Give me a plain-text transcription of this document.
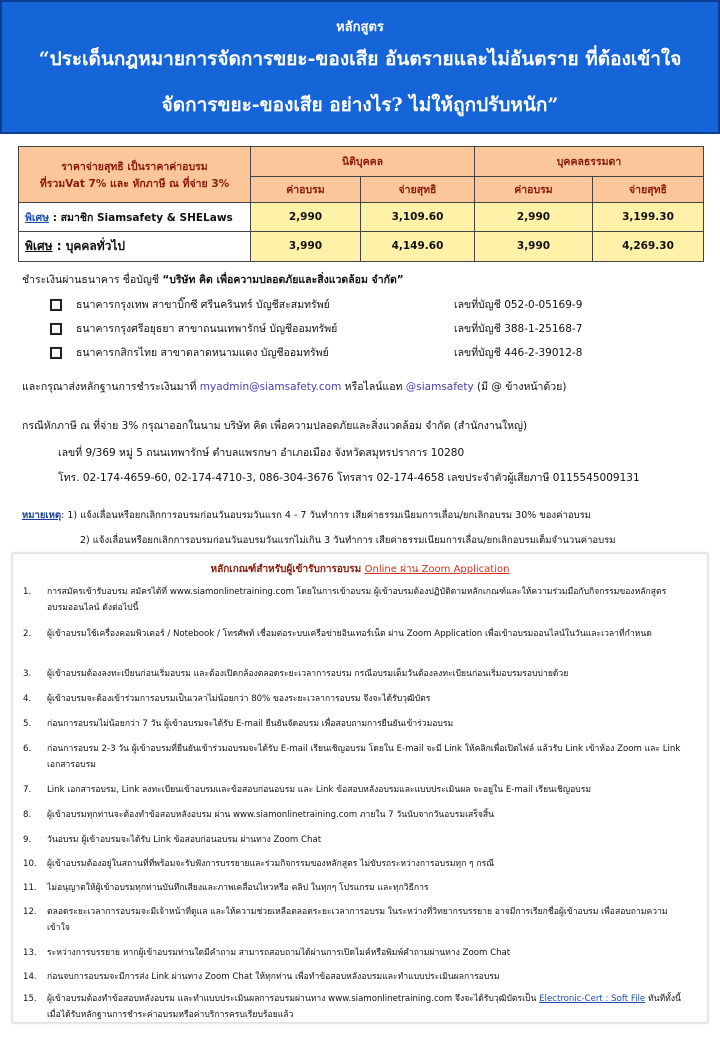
หลักสูตร
“ประเด็นกฎหมายการจัดการขยะ-ของเสีย อันตรายและไม่อันตราย ที่ต้องเข้าใจ
จัดการขยะ-ของเสีย อย่างไร? ไม่ให้ถูกปรับหนัก”
ราคาจ่ายสุทธิ เป็นราคาค่าอบรม
ที่รวมVat 7% และ หักภาษี ณ ที่จ่าย 3%	นิติบุคคล		บุคคลธรรมดา	
	ค่าอบรม	จ่ายสุทธิ	ค่าอบรม	จ่ายสุทธิ
พิเศษ : สมาชิก Siamsafety & SHELaws	2,990	3,109.60	2,990	3,199.30
พิเศษ : บุคคลทั่วไป	3,990	4,149.60	3,990	4,269.30
ชำระเงินผ่านธนาคาร ชื่อบัญชี “บริษัท คิด เพื่อความปลอดภัยและสิ่งแวดล้อม จำกัด”
ธนาคารกรุงเทพ สาขาบิ๊กซี ศรีนครินทร์ บัญชีสะสมทรัพย์	เลขที่บัญชี 052-0-05169-9
ธนาคารกรุงศรีอยุธยา สาขาถนนเทพารักษ์ บัญชีออมทรัพย์	เลขที่บัญชี 388-1-25168-7
ธนาคารกสิกรไทย สาขาตลาดหนามแดง บัญชีออมทรัพย์	เลขที่บัญชี 446-2-39012-8
และกรุณาส่งหลักฐานการชำระเงินมาที่ myadmin@siamsafety.com หรือไลน์แอท @siamsafety (มี @ ข้างหน้าด้วย)
กรณีหักภาษี ณ ที่จ่าย 3% กรุณาออกในนาม บริษัท คิด เพื่อความปลอดภัยและสิ่งแวดล้อม จำกัด (สำนักงานใหญ่)
เลขที่ 9/369 หมู่ 5 ถนนเทพารักษ์ ตำบลแพรกษา อำเภอเมือง จังหวัดสมุทรปราการ 10280
โทร. 02-174-4659-60, 02-174-4710-3, 086-304-3676 โทรสาร 02-174-4658 เลขประจำตัวผู้เสียภาษี 0115545009131
หมายเหตุ: 1) แจ้งเลื่อนหรือยกเลิกการอบรมก่อนวันอบรมวันแรก 4 - 7 วันทำการ เสียค่าธรรมเนียมการเลื่อน/ยกเลิกอบรม 30% ของค่าอบรม
2) แจ้งเลื่อนหรือยกเลิกการอบรมก่อนวันอบรมวันแรกไม่เกิน 3 วันทำการ เสียค่าธรรมเนียมการเลื่อน/ยกเลิกอบรมเต็มจำนวนค่าอบรม
หลักเกณฑ์สำหรับผู้เข้ารับการอบรม Online ผ่าน Zoom Application
1.	การสมัครเข้ารับอบรม สมัครได้ที่ www.siamonlinetraining.com โดยในการเข้าอบรม ผู้เข้าอบรมต้องปฏิบัติตามหลักเกณฑ์และให้ความร่วมมือกับกิจกรรมของหลักสูตรอบรมออนไลน์ ดังต่อไปนี้
2.	ผู้เข้าอบรมใช้เครื่องคอมพิวเตอร์ / Notebook / โทรศัพท์ เชื่อมต่อระบบเครือข่ายอินเทอร์เน็ต ผ่าน Zoom Application เพื่อเข้าอบรมออนไลน์ในวันและเวลาที่กำหนด
3.	ผู้เข้าอบรมต้องลงทะเบียนก่อนเริ่มอบรม และต้องเปิดกล้องตลอดระยะเวลาการอบรม กรณีอบรมเต็มวันต้องลงทะเบียนก่อนเริ่มอบรมรอบบ่ายด้วย
4.	ผู้เข้าอบรมจะต้องเข้าร่วมการอบรมเป็นเวลาไม่น้อยกว่า 80% ของระยะเวลาการอบรม จึงจะได้รับวุฒิบัตร
5.	ก่อนการอบรมไม่น้อยกว่า 7 วัน ผู้เข้าอบรมจะได้รับ E-mail ยืนยันจัดอบรม เพื่อสอบถามการยืนยันเข้าร่วมอบรม
6.	ก่อนการอบรม 2-3 วัน ผู้เข้าอบรมที่ยืนยันเข้าร่วมอบรมจะได้รับ E-mail เรียนเชิญอบรม โดยใน E-mail จะมี Link ให้คลิกเพื่อเปิดไฟล์ แล้วรับ Link เข้าห้อง Zoom และ Link เอกสารอบรม
7.	Link เอกสารอบรม, Link ลงทะเบียนเข้าอบรมและข้อสอบก่อนอบรม และ Link ข้อสอบหลังอบรมและแบบประเมินผล จะอยู่ใน E-mail เรียนเชิญอบรม
8.	ผู้เข้าอบรมทุกท่านจะต้องทำข้อสอบหลังอบรม ผ่าน www.siamonlinetraining.com ภายใน 7 วันนับจากวันอบรมเสร็จสิ้น
9.	วันอบรม ผู้เข้าอบรมจะได้รับ Link ข้อสอบก่อนอบรม ผ่านทาง Zoom Chat
10.	ผู้เข้าอบรมต้องอยู่ในสถานที่ที่พร้อมจะรับฟังการบรรยายและร่วมกิจกรรมของหลักสูตร ไม่ขับรถระหว่างการอบรมทุก ๆ กรณี
11.	ไม่อนุญาตให้ผู้เข้าอบรมทุกท่านบันทึกเสียงและภาพเคลื่อนไหวหรือ คลิป ในทุกๆ โปรแกรม และทุกวิธีการ
12.	ตลอดระยะเวลาการอบรมจะมีเจ้าหน้าที่ดูแล และให้ความช่วยเหลือตลอดระยะเวลาการอบรม ในระหว่างที่วิทยากรบรรยาย อาจมีการเรียกชื่อผู้เข้าอบรม เพื่อสอบถามความเข้าใจ
13.	ระหว่างการบรรยาย หากผู้เข้าอบรมท่านใดมีคำถาม สามารถสอบถามได้ผ่านการเปิดไมค์หรือพิมพ์คำถามผ่านทาง Zoom Chat
14.	ก่อนจบการอบรมจะมีการส่ง Link ผ่านทาง Zoom Chat ให้ทุกท่าน เพื่อทำข้อสอบหลังอบรมและทำแบบประเมินผลการอบรม
15.	ผู้เข้าอบรมต้องทำข้อสอบหลังอบรม และทำแบบประเมินผลการอบรมผ่านทาง www.siamonlinetraining.com จึงจะได้รับวุฒิบัตรเป็น Electronic-Cert : Soft File ทันทีทั้งนี้ เมื่อได้รับหลักฐานการชำระค่าอบรมหรือค่าบริการครบเรียบร้อยแล้ว
